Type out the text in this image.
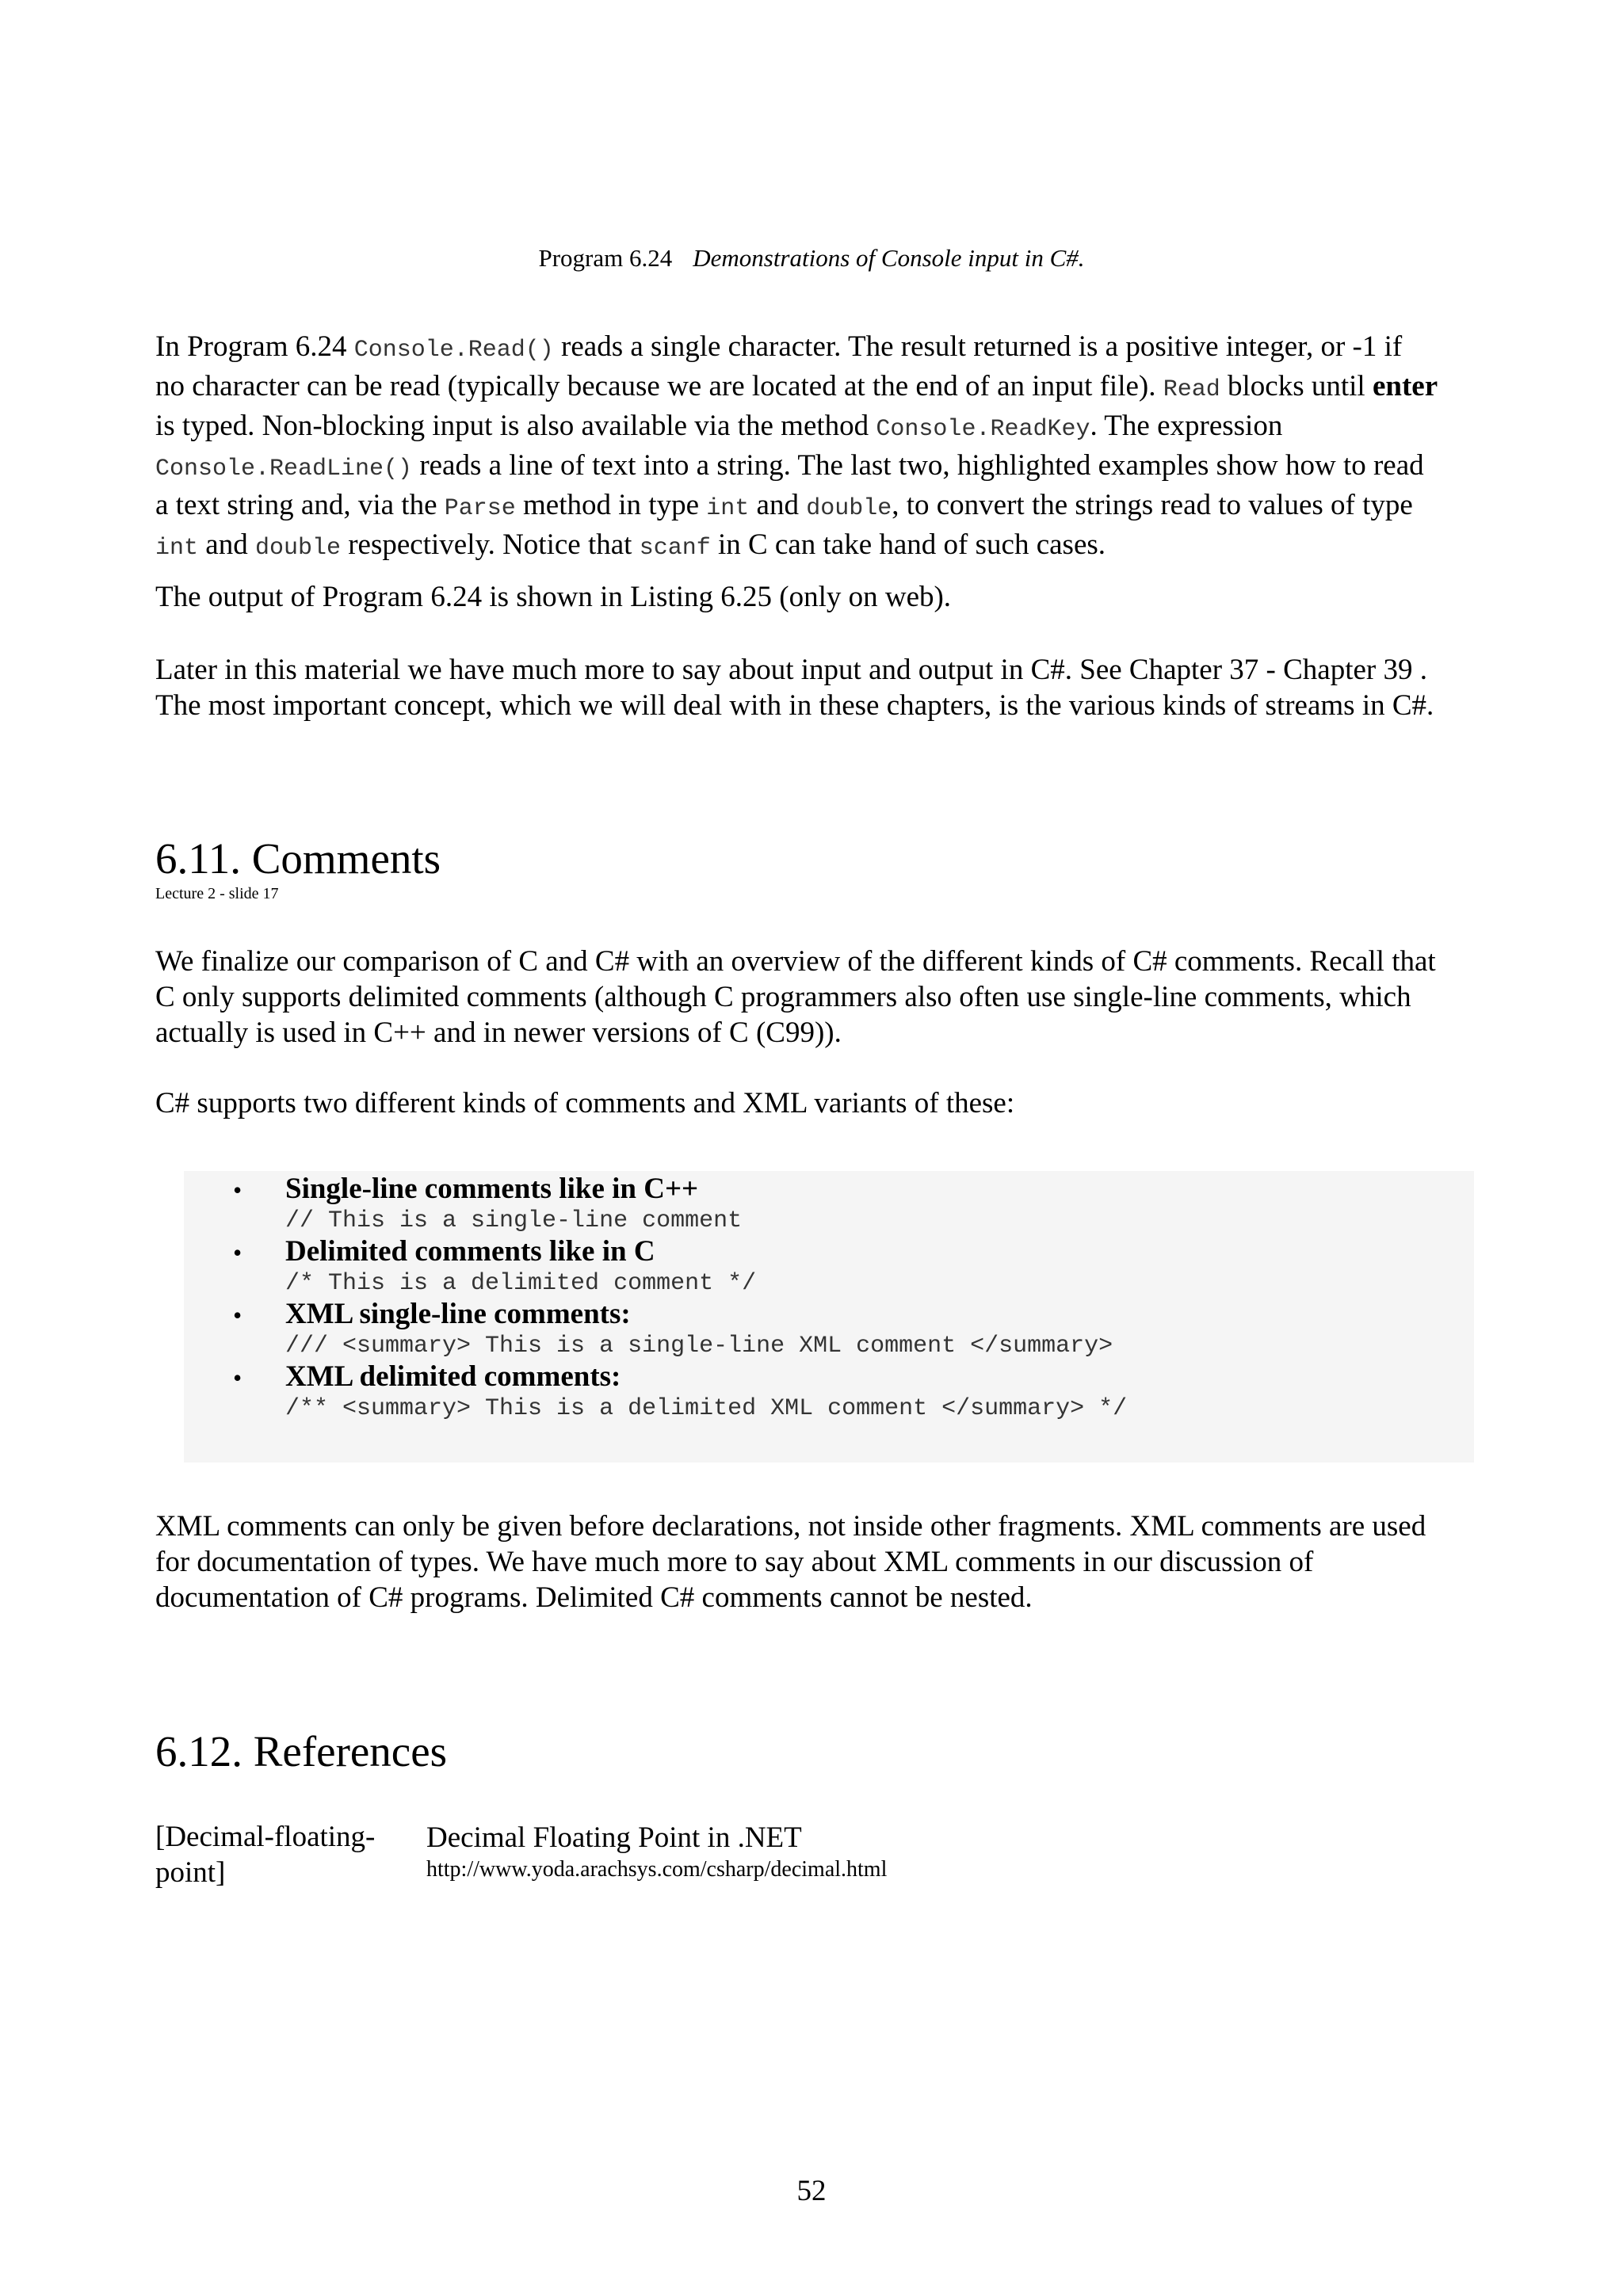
Program 6.24 Demonstrations of Console input in C#.

In Program 6.24 Console.Read() reads a single character. The result returned is a positive integer, or -1 if
no character can be read (typically because we are located at the end of an input file). Read blocks until enter
is typed. Non-blocking input is also available via the method Console.ReadKey. The expression
Console.ReadLine() reads a line of text into a string. The last two, highlighted examples show how to read
a text string and, via the Parse method in type int and double, to convert the strings read to values of type
int and double respectively. Notice that scanf in C can take hand of such cases.

The output of Program 6.24 is shown in Listing 6.25 (only on web).

Later in this material we have much more to say about input and output in C#. See Chapter 37 - Chapter 39 .
The most important concept, which we will deal with in these chapters, is the various kinds of streams in C#.

6.11. Comments
Lecture 2 - slide 17

We finalize our comparison of C and C# with an overview of the different kinds of C# comments. Recall that
C only supports delimited comments (although C programmers also often use single-line comments, which
actually is used in C++ and in newer versions of C (C99)).

C# supports two different kinds of comments and XML variants of these:

• Single-line comments like in C++
// This is a single-line comment
• Delimited comments like in C
/* This is a delimited comment */
• XML single-line comments:
/// <summary> This is a single-line XML comment </summary>
• XML delimited comments:
/** <summary> This is a delimited XML comment </summary> */

XML comments can only be given before declarations, not inside other fragments. XML comments are used
for documentation of types. We have much more to say about XML comments in our discussion of
documentation of C# programs. Delimited C# comments cannot be nested.

6.12. References
[Decimal-floating-
point]
Decimal Floating Point in .NET
http://www.yoda.arachsys.com/csharp/decimal.html
52
